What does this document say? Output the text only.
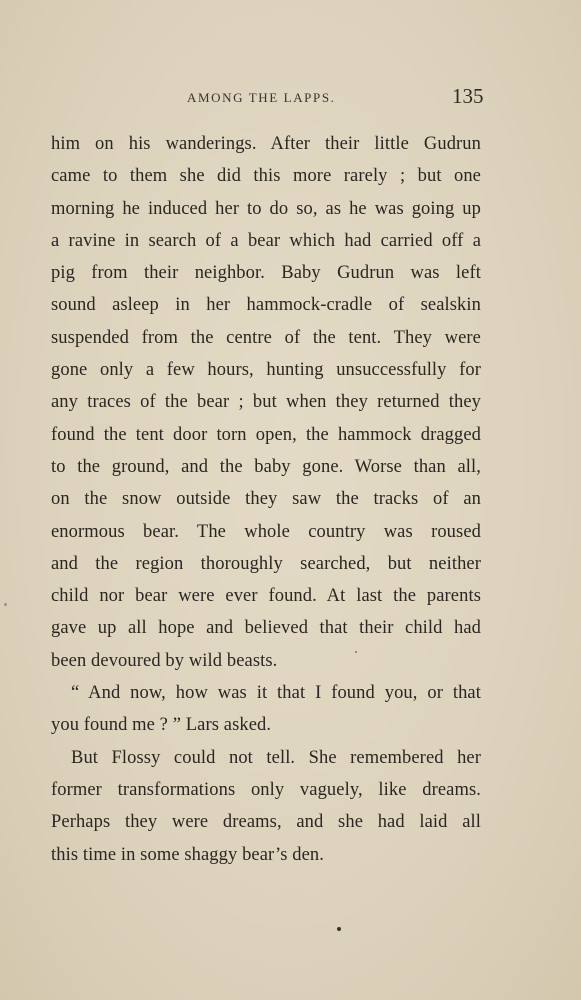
AMONG THE LAPPS.	135
him on his wanderings. After their little Gudrun
came to them she did this more rarely ; but one
morning he induced her to do so, as he was going up
a ravine in search of a bear which had carried off a
pig from their neighbor. Baby Gudrun was left
sound asleep in her hammock-cradle of sealskin
suspended from the centre of the tent. They were
gone only a few hours, hunting unsuccessfully for
any traces of the bear ; but when they returned they
found the tent door torn open, the hammock dragged
to the ground, and the baby gone. Worse than all,
on the snow outside they saw the tracks of an
enormous bear. The whole country was roused
and the region thoroughly searched, but neither
child nor bear were ever found. At last the parents
gave up all hope and believed that their child had
been devoured by wild beasts.
“ And now, how was it that I found you, or that
you found me ? ” Lars asked.
But Flossy could not tell. She remembered her
former transformations only vaguely, like dreams.
Perhaps they were dreams, and she had laid all
this time in some shaggy bear’s den.
